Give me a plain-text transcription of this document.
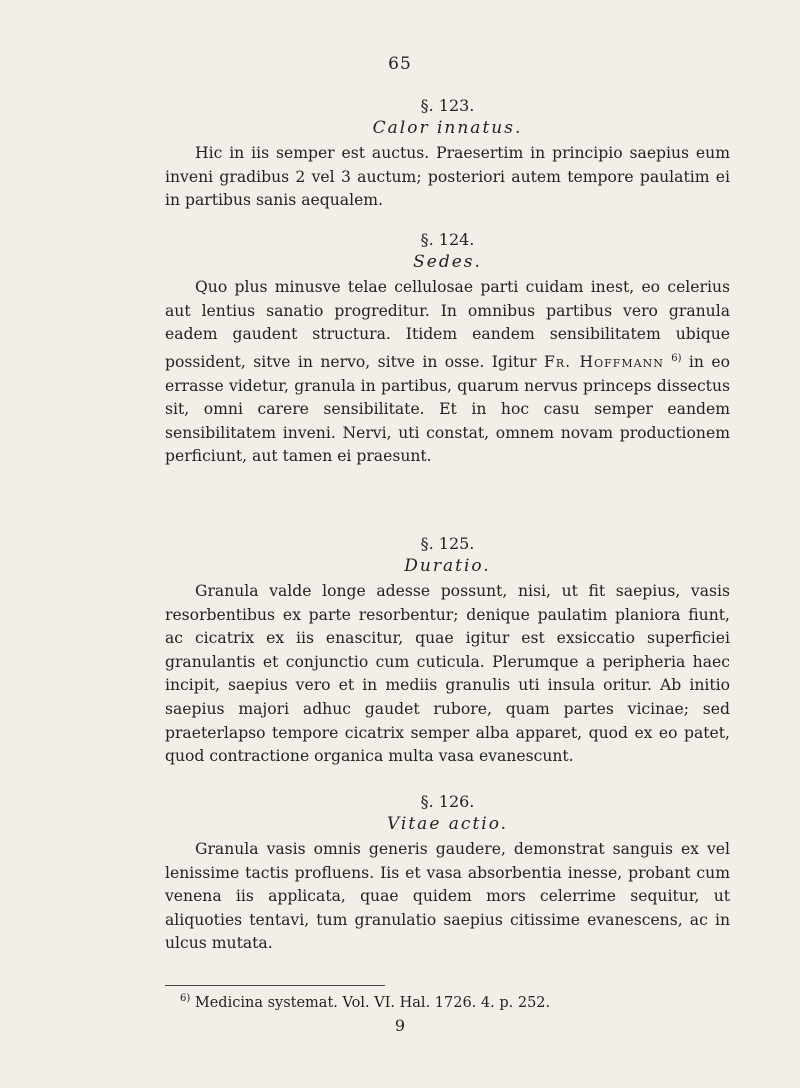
65

§. 123.

Calor innatus.

Hic in iis semper est auctus. Praesertim in principio saepius eum inveni gradibus 2 vel 3 auctum; posteriori autem tempore paulatim ei in partibus sanis aequalem.

§. 124.

Sedes.

Quo plus minusve telae cellulosae parti cuidam inest, eo celerius aut lentius sanatio progreditur. In omnibus partibus vero granula eadem gaudent structura. Itidem eandem sensibilitatem ubique possident, sitve in nervo, sitve in osse. Igitur Fr. Hoffmann $^{6)}$ in eo errasse videtur, granula in partibus, quarum nervus princeps dissectus sit, omni carere sensibilitate. Et in hoc casu semper eandem sensibilitatem inveni. Nervi, uti constat, omnem novam productionem perficiunt, aut tamen ei praesunt.

§. 125.

Duratio.

Granula valde longe adesse possunt, nisi, ut fit saepius, vasis resorbentibus ex parte resorbentur; denique paulatim planiora fiunt, ac cicatrix ex iis enascitur, quae igitur est exsiccatio superficiei granulantis et conjunctio cum cuticula. Plerumque a peripheria haec incipit, saepius vero et in mediis granulis uti insula oritur. Ab initio saepius majori adhuc gaudet rubore, quam partes vicinae; sed praeterlapso tempore cicatrix semper alba apparet, quod ex eo patet, quod contractione organica multa vasa evanescunt.

§. 126.

Vitae actio.

Granula vasis omnis generis gaudere, demonstrat sanguis ex vel lenissime tactis profluens. Iis et vasa absorbentia inesse, probant cum venena iis applicata, quae quidem mors celerrime sequitur, ut aliquoties tentavi, tum granulatio saepius citissime evanescens, ac in ulcus mutata.

$^{6)}$ Medicina systemat. Vol. VI. Hal. 1726. 4. p. 252.
9
